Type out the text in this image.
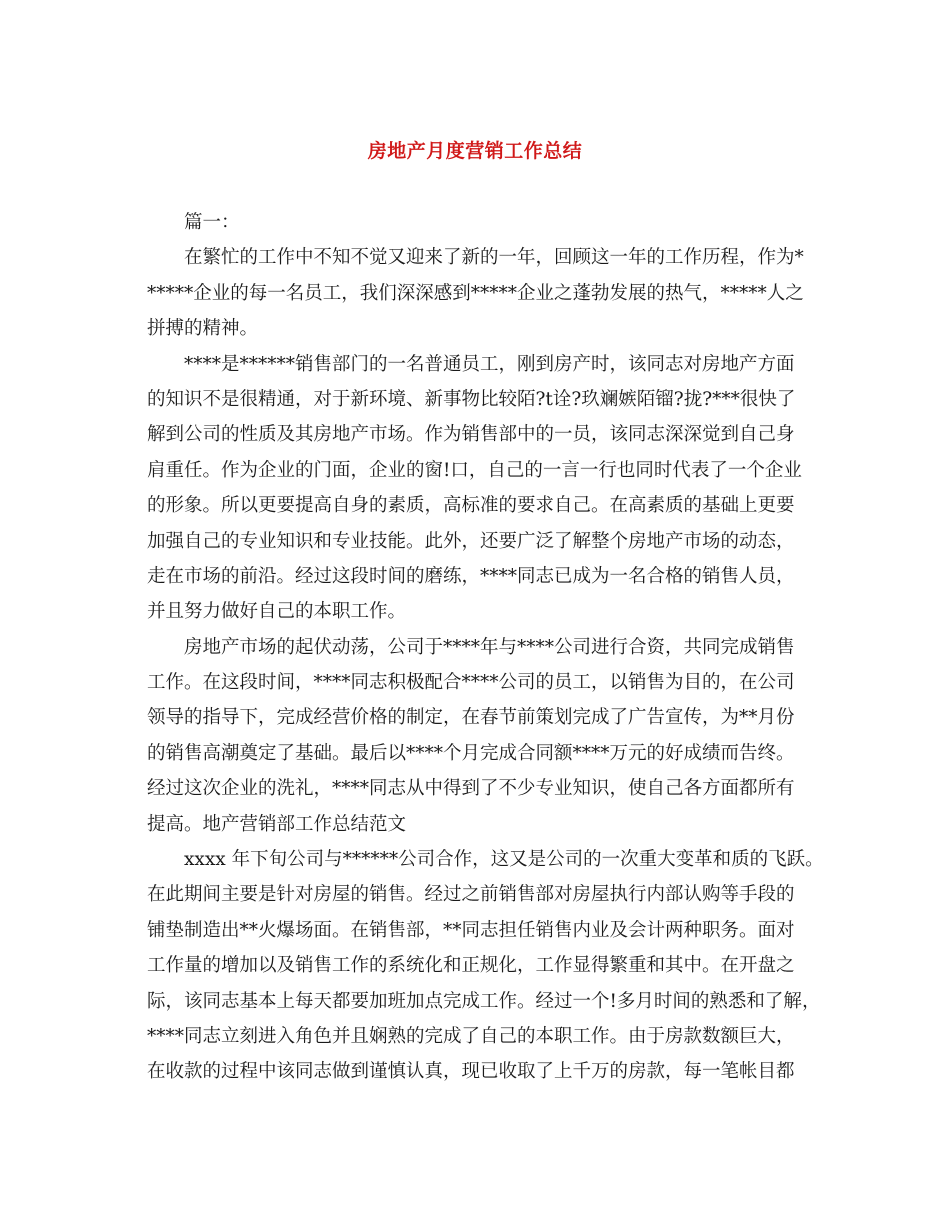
房地产月度营销工作总结
篇一：
在繁忙的工作中不知不觉又迎来了新的一年，回顾这一年的工作历程，作为*
*****企业的每一名员工，我们深深感到*****企业之蓬勃发展的热气，*****人之
拼搏的精神。
****是******销售部门的一名普通员工，刚到房产时，该同志对房地产方面
的知识不是很精通，对于新环境、新事物比较陌?t诠?玖斓嫉陌镏?拢?***很快了
解到公司的性质及其房地产市场。作为销售部中的一员，该同志深深觉到自己身
肩重任。作为企业的门面，企业的窗!口，自己的一言一行也同时代表了一个企业
的形象。所以更要提高自身的素质，高标准的要求自己。在高素质的基础上更要
加强自己的专业知识和专业技能。此外，还要广泛了解整个房地产市场的动态，
走在市场的前沿。经过这段时间的磨练，****同志已成为一名合格的销售人员，
并且努力做好自己的本职工作。
房地产市场的起伏动荡，公司于****年与****公司进行合资，共同完成销售
工作。在这段时间，****同志积极配合****公司的员工，以销售为目的，在公司
领导的指导下，完成经营价格的制定，在春节前策划完成了广告宣传，为**月份
的销售高潮奠定了基础。最后以****个月完成合同额****万元的好成绩而告终。
经过这次企业的洗礼，****同志从中得到了不少专业知识，使自己各方面都所有
提高。地产营销部工作总结范文
xxxx 年下旬公司与******公司合作，这又是公司的一次重大变革和质的飞跃。
在此期间主要是针对房屋的销售。经过之前销售部对房屋执行内部认购等手段的
铺垫制造出**火爆场面。在销售部，**同志担任销售内业及会计两种职务。面对
工作量的增加以及销售工作的系统化和正规化，工作显得繁重和其中。在开盘之
际，该同志基本上每天都要加班加点完成工作。经过一个!多月时间的熟悉和了解，
****同志立刻进入角色并且娴熟的完成了自己的本职工作。由于房款数额巨大，
在收款的过程中该同志做到谨慎认真，现已收取了上千万的房款，每一笔帐目都
